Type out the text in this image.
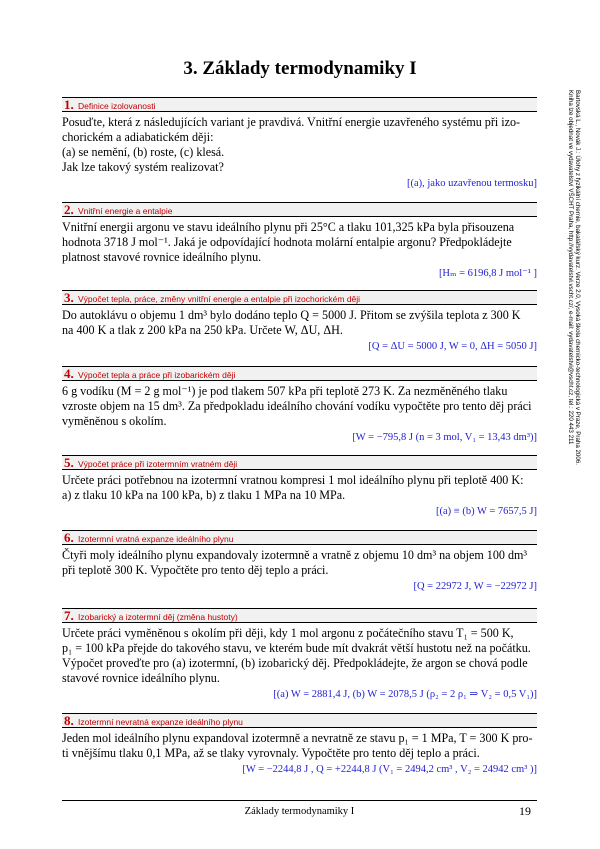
3. Základy termodynamiky I
Bartovská L., Novák J.: Úlohy z fyzikální chemie, bakalářský kurz. Verze 2.0, Vysoká škola chemicko-technologická v Praze, Praha 2006.
Kniha lze objednat ve vydavatelství VŠCHT Praha, http://vydavatelstvi.vscht.cz/, e-mail: vydavatelstvi@vscht.cz, tel.: 220 443 211
1. Definice izolovanosti
Posuďte, která z následujících variant je pravdivá. Vnitřní energie uzavřeného systému při izo-
chorickém a adiabatickém ději:
(a) se nemění, (b) roste, (c) klesá.
Jak lze takový systém realizovat?
[(a), jako uzavřenou termosku]
2. Vnitřní energie a entalpie
Vnitřní energii argonu ve stavu ideálního plynu při 25°C a tlaku 101,325 kPa byla přisouzena
hodnota 3718 J mol⁻¹. Jaká je odpovídající hodnota molární entalpie argonu? Předpokládejte
platnost stavové rovnice ideálního plynu.
[Hₘ = 6196,8 J mol⁻¹ ]
3. Výpočet tepla, práce, změny vnitřní energie a entalpie při izochorickém ději
Do autoklávu o objemu 1 dm³ bylo dodáno teplo Q = 5000 J. Přitom se zvýšila teplota z 300 K
na 400 K a tlak z 200 kPa na 250 kPa. Určete W, ΔU, ΔH.
[Q = ΔU = 5000 J, W = 0, ΔH = 5050 J]
4. Výpočet tepla a práce při izobarickém ději
6 g vodíku (M = 2 g mol⁻¹) je pod tlakem 507 kPa při teplotě 273 K. Za nezměněného tlaku
vzroste objem na 15 dm³. Za předpokladu ideálního chování vodíku vypočtěte pro tento děj práci
vyměněnou s okolím.
[W = −795,8 J (n = 3 mol, V₁ = 13,43 dm³)]
5. Výpočet práce při izotermním vratném ději
Určete práci potřebnou na izotermní vratnou kompresi 1 mol ideálního plynu při teplotě 400 K:
a) z tlaku 10 kPa na 100 kPa, b) z tlaku 1 MPa na 10 MPa.
[(a) ≡ (b) W = 7657,5 J]
6. Izotermní vratná expanze ideálního plynu
Čtyři moly ideálního plynu expandovaly izotermně a vratně z objemu 10 dm³ na objem 100 dm³
při teplotě 300 K. Vypočtěte pro tento děj teplo a práci.
[Q = 22972 J, W = −22972 J]
7. Izobarický a izotermní děj (změna hustoty)
Určete práci vyměněnou s okolím při ději, kdy 1 mol argonu z počátečního stavu T₁ = 500 K,
p₁ = 100 kPa přejde do takového stavu, ve kterém bude mít dvakrát větší hustotu než na počátku.
Výpočet proveďte pro (a) izotermní, (b) izobarický děj. Předpokládejte, že argon se chová podle
stavové rovnice ideálního plynu.
[(a) W = 2881,4 J, (b) W = 2078,5 J (ρ₂ = 2 ρ₁ ⇒ V₂ = 0,5 V₁)]
8. Izotermní nevratná expanze ideálního plynu
Jeden mol ideálního plynu expandoval izotermně a nevratně ze stavu p₁ = 1 MPa, T = 300 K pro-
ti vnějšímu tlaku 0,1 MPa, až se tlaky vyrovnaly. Vypočtěte pro tento děj teplo a práci.
[W = −2244,8 J , Q = +2244,8 J (V₁ = 2494,2 cm³ , V₂ = 24942 cm³ )]
Základy termodynamiky I	19
